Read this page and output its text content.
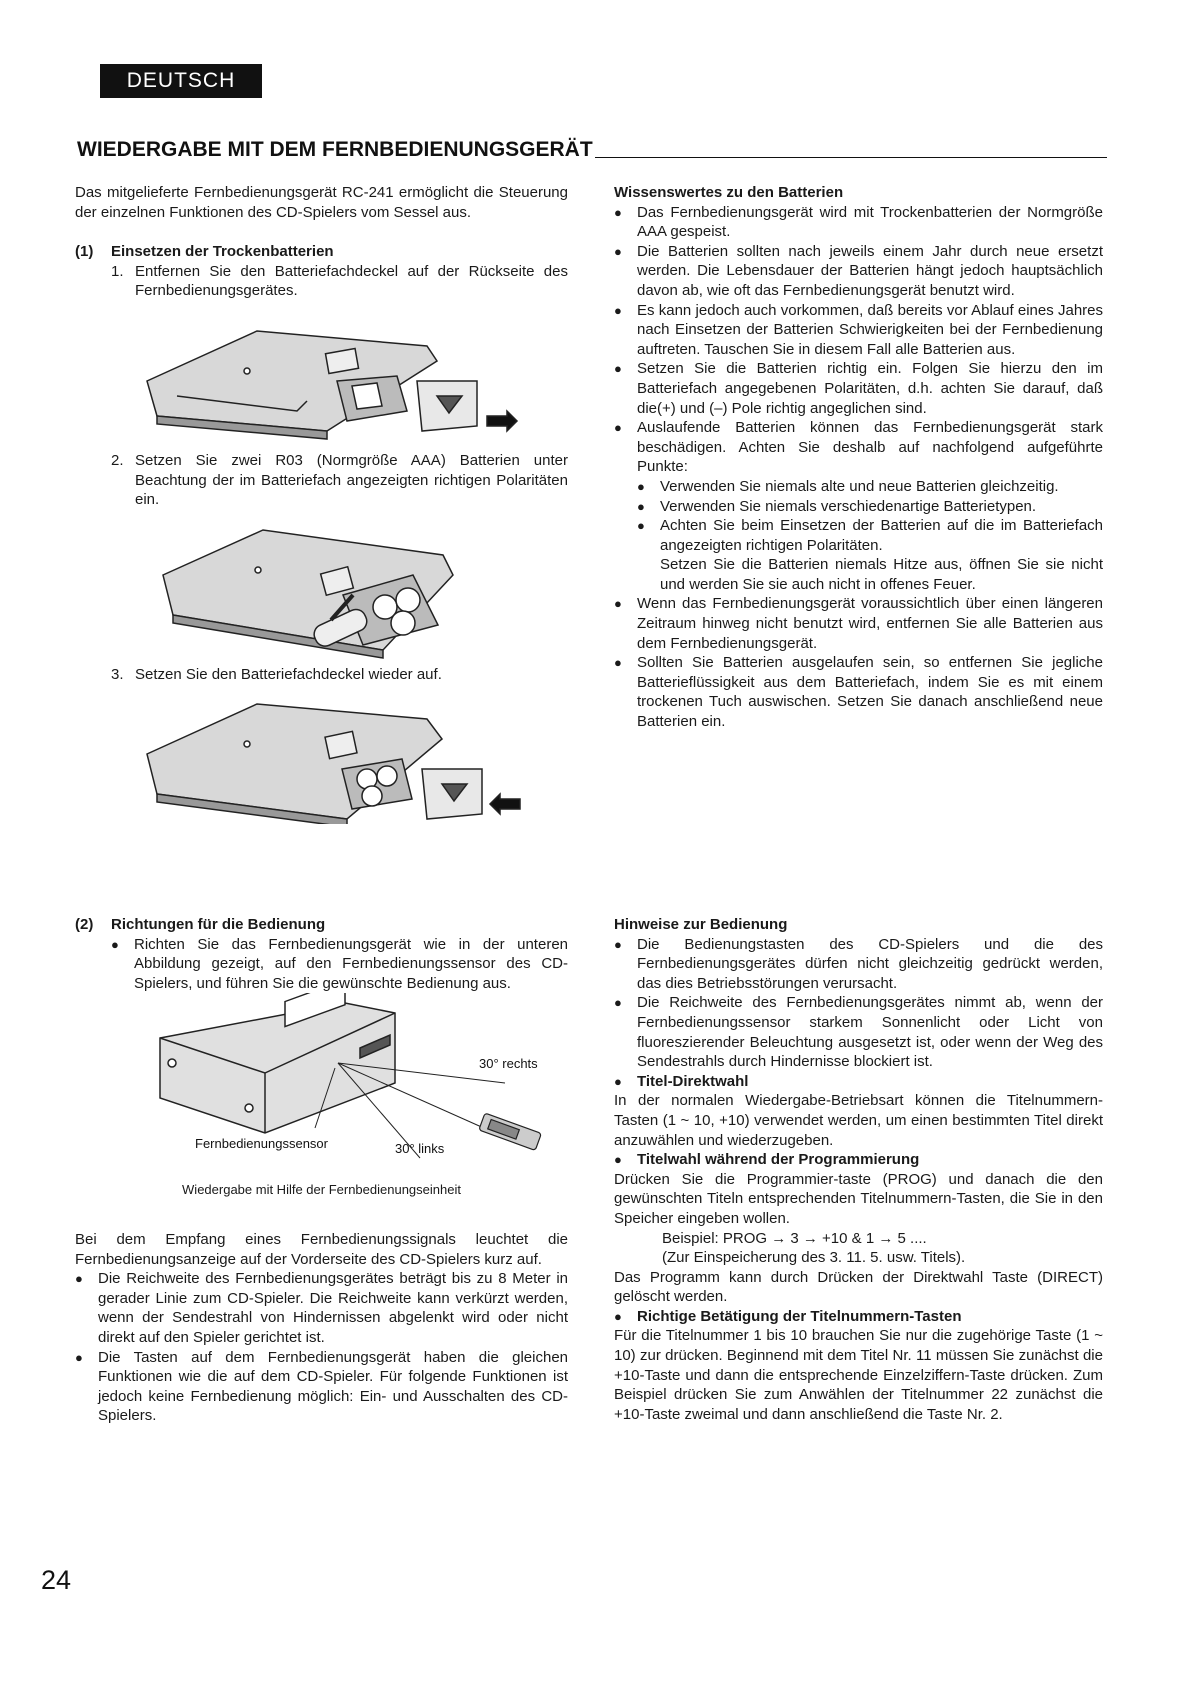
DEUTSCH
WIEDERGABE MIT DEM FERNBEDIENUNGSGERÄT

Das mitgelieferte Fernbedienungsgerät RC-241 ermöglicht die Steuerung der einzelnen Funktionen des CD-Spielers vom Sessel aus.

(1)	Einsetzen der Trockenbatterien
1. Entfernen Sie den Batteriefachdeckel auf der Rückseite des Fernbedienungsgerätes.
2. Setzen Sie zwei R03 (Normgröße AAA) Batterien unter Beachtung der im Batteriefach angezeigten richtigen Polaritäten ein.
3. Setzen Sie den Batteriefachdeckel wieder auf.

Wissenswertes zu den Batterien

●	Das Fernbedienungsgerät wird mit Trockenbatterien der Normgröße AAA gespeist.
●	Die Batterien sollten nach jeweils einem Jahr durch neue ersetzt werden. Die Lebensdauer der Batterien hängt jedoch hauptsächlich davon ab, wie oft das Fernbedienungsgerät benutzt wird.
●	Es kann jedoch auch vorkommen, daß bereits vor Ablauf eines Jahres nach Einsetzen der Batterien Schwierigkeiten bei der Fernbedienung auftreten. Tauschen Sie in diesem Fall alle Batterien aus.
●	Setzen Sie die Batterien richtig ein. Folgen Sie hierzu den im Batteriefach angegebenen Polaritäten, d.h. achten Sie darauf, daß die(+) und (–) Pole richtig angeglichen sind.
●	Auslaufende Batterien können das Fernbedienungsgerät stark beschädigen. Achten Sie deshalb auf nachfolgend aufgeführte Punkte:
●	Verwenden Sie niemals alte und neue Batterien gleichzeitig.
●	Verwenden Sie niemals verschiedenartige Batterietypen.
●	Achten Sie beim Einsetzen der Batterien auf die im Batteriefach angezeigten richtigen Polaritäten.

Setzen Sie die Batterien niemals Hitze aus, öffnen Sie sie nicht und werden Sie sie auch nicht in offenes Feuer.

●	Wenn das Fernbedienungsgerät voraussichtlich über einen längeren Zeitraum hinweg nicht benutzt wird, entfernen Sie alle Batterien aus dem Fernbedienungsgerät.
●	Sollten Sie Batterien ausgelaufen sein, so entfernen Sie jegliche Batterieflüssigkeit aus dem Batteriefach, indem Sie es mit einem trockenen Tuch auswischen. Setzen Sie danach anschließend neue Batterien ein.
(2)	Richtungen für die Bedienung
●	Richten Sie das Fernbedienungsgerät wie in der unteren Abbildung gezeigt, auf den Fernbedienungssensor des CD-Spielers, und führen Sie die gewünschte Bedienung aus.
30° rechts
Fernbedienungssensor	30° links
Wiedergabe mit Hilfe der Fernbedienungseinheit

Bei dem Empfang eines Fernbedienungssignals leuchtet die Fernbedienungsanzeige auf der Vorderseite des CD-Spielers kurz auf.

●	Die Reichweite des Fernbedienungsgerätes beträgt bis zu 8 Meter in gerader Linie zum CD-Spieler. Die Reichweite kann verkürzt werden, wenn der Sendestrahl von Hindernissen abgelenkt wird oder nicht direkt auf den Spieler gerichtet ist.
●	Die Tasten auf dem Fernbedienungsgerät haben die gleichen Funktionen wie die auf dem CD-Spieler. Für folgende Funktionen ist jedoch keine Fernbedienung möglich: Ein- und Ausschalten des CD-Spielers.

Hinweise zur Bedienung

●	Die Bedienungstasten des CD-Spielers und die des Fernbedienungsgerätes dürfen nicht gleichzeitig gedrückt werden, das dies Betriebsstörungen verursacht.
●	Die Reichweite des Fernbedienungsgerätes nimmt ab, wenn der Fernbedienungssensor starkem Sonnenlicht oder Licht von fluoreszierender Beleuchtung ausgesetzt ist, oder wenn der Weg des Sendestrahls durch Hindernisse blockiert ist.
●	Titel-Direktwahl

In der normalen Wiedergabe-Betriebsart können die Titelnummern-Tasten (1 ~ 10, +10) verwendet werden, um einen bestimmten Titel direkt anzuwählen und wiederzugeben.

●	Titelwahl während der Programmierung

Drücken Sie die Programmier-taste (PROG) und danach die den gewünschten Titeln entsprechenden Titelnummern-Tasten, die Sie in den Speicher eingeben wollen.

Beispiel: PROG → 3 → +10 & 1 → 5 ....

(Zur Einspeicherung des 3. 11. 5. usw. Titels).

Das Programm kann durch Drücken der Direktwahl Taste (DIRECT) gelöscht werden.

●	Richtige Betätigung der Titelnummern-Tasten

Für die Titelnummer 1 bis 10 brauchen Sie nur die zugehörige Taste (1 ~ 10) zur drücken. Beginnend mit dem Titel Nr. 11 müssen Sie zunächst die +10-Taste und dann die entsprechende Einzelziffern-Taste drücken. Zum Beispiel drücken Sie zum Anwählen der Titelnummer 22 zunächst die +10-Taste zweimal und dann anschließend die Taste Nr. 2.

24
